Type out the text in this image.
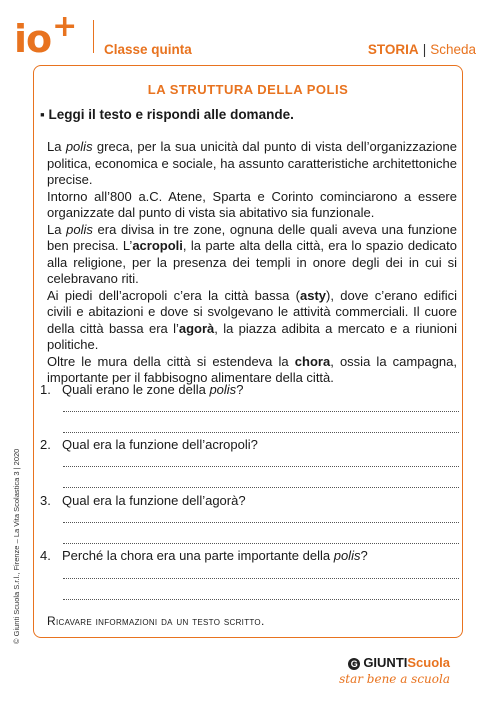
io+
Classe quinta	STORIA | Scheda
LA STRUTTURA DELLA POLIS
▪ Leggi il testo e rispondi alle domande.

La polis greca, per la sua unicità dal punto di vista dell’organizzazione politica, economica e sociale, ha assunto caratteristiche architettoniche precise.

Intorno all’800 a.C. Atene, Sparta e Corinto cominciarono a essere organizzate dal punto di vista sia abitativo sia funzionale.

La polis era divisa in tre zone, ognuna delle quali aveva una funzione ben precisa. L’acropoli, la parte alta della città, era lo spazio dedicato alla religione, per la presenza dei templi in onore degli dei in cui si celebravano riti.

Ai piedi dell’acropoli c’era la città bassa (asty), dove c’erano edifici civili e abitazioni e dove si svolgevano le attività commerciali. Il cuore della città bassa era l’agorà, la piazza adibita a mercato e a riunioni politiche.

Oltre le mura della città si estendeva la chora, ossia la campagna, importante per il fabbisogno alimentare della città.

1. Quali erano le zone della polis?
2. Qual era la funzione dell’acropoli?
3. Qual era la funzione dell’agorà?
4. Perché la chora era una parte importante della polis?
Ricavare informazioni da un testo scritto.
© Giunti Scuola S.r.l., Firenze – La Vita Scolastica 3 | 2020
G GIUNTIScuola
star bene a scuola
